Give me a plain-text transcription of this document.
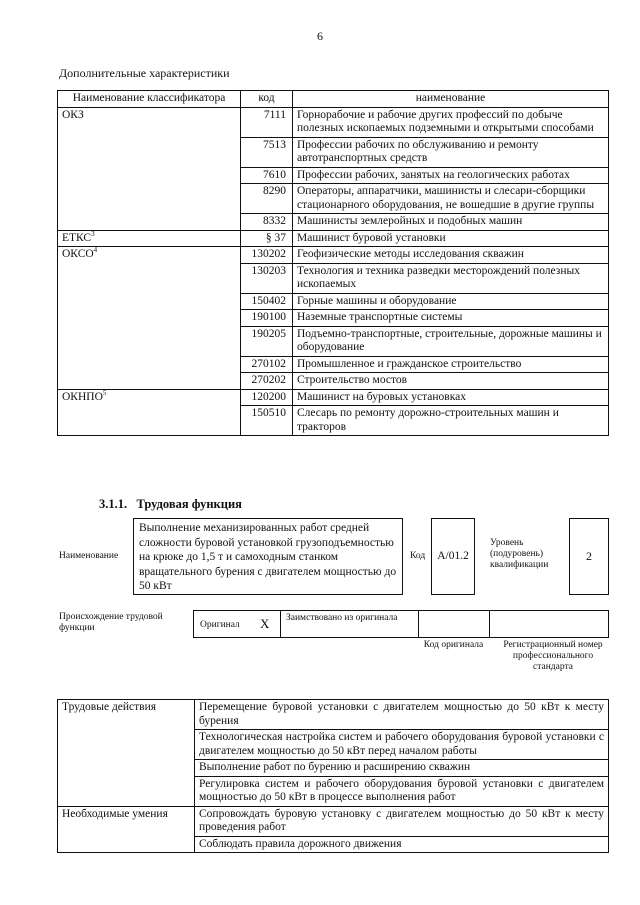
6
Дополнительные характеристики
Наименование классификатора	код	наименование
ОКЗ	7111	Горнорабочие и рабочие других профессий по добыче полезных ископаемых подземными и открытыми способами
	7513	Профессии рабочих по обслуживанию и ремонту автотранспортных средств
	7610	Профессии рабочих, занятых на геологических работах
	8290	Операторы, аппаратчики, машинисты и слесари-сборщики стационарного оборудования, не вошедшие в другие группы
	8332	Машинисты землеройных и подобных машин
ЕТКС$^3$	§ 37	Машинист буровой установки
ОКСО$^4$	130202	Геофизические методы исследования скважин
	130203	Технология и техника разведки месторождений полезных ископаемых
	150402	Горные машины и оборудование
	190100	Наземные транспортные системы
	190205	Подъемно-транспортные, строительные, дорожные машины и оборудование
	270102	Промышленное и гражданское строительство
	270202	Строительство мостов
ОКНПО$^5$	120200	Машинист на буровых установках
	150510	Слесарь по ремонту дорожно-строительных машин и тракторов
3.1.1. Трудовая функция
Наименование
Выполнение механизированных работ средней сложности буровой установкой грузоподъемностью на крюке до 1,5 т и самоходным станком вращательного бурения с двигателем мощностью до 50 кВт
Код А/01.2
Уровень (подуровень) квалификации
2
Происхождение трудовой функции	Оригинал X Заимствовано из оригинала
Код оригинала	Регистрационный номер профессионального стандарта
Трудовые действия	Перемещение буровой установки с двигателем мощностью до 50 кВт к месту бурения
	Технологическая настройка систем и рабочего оборудования буровой установки с двигателем мощностью до 50 кВт перед началом работы
	Выполнение работ по бурению и расширению скважин
	Регулировка систем и рабочего оборудования буровой установки с двигателем мощностью до 50 кВт в процессе выполнения работ
Необходимые умения	Сопровождать буровую установку с двигателем мощностью до 50 кВт к месту проведения работ
	Соблюдать правила дорожного движения
